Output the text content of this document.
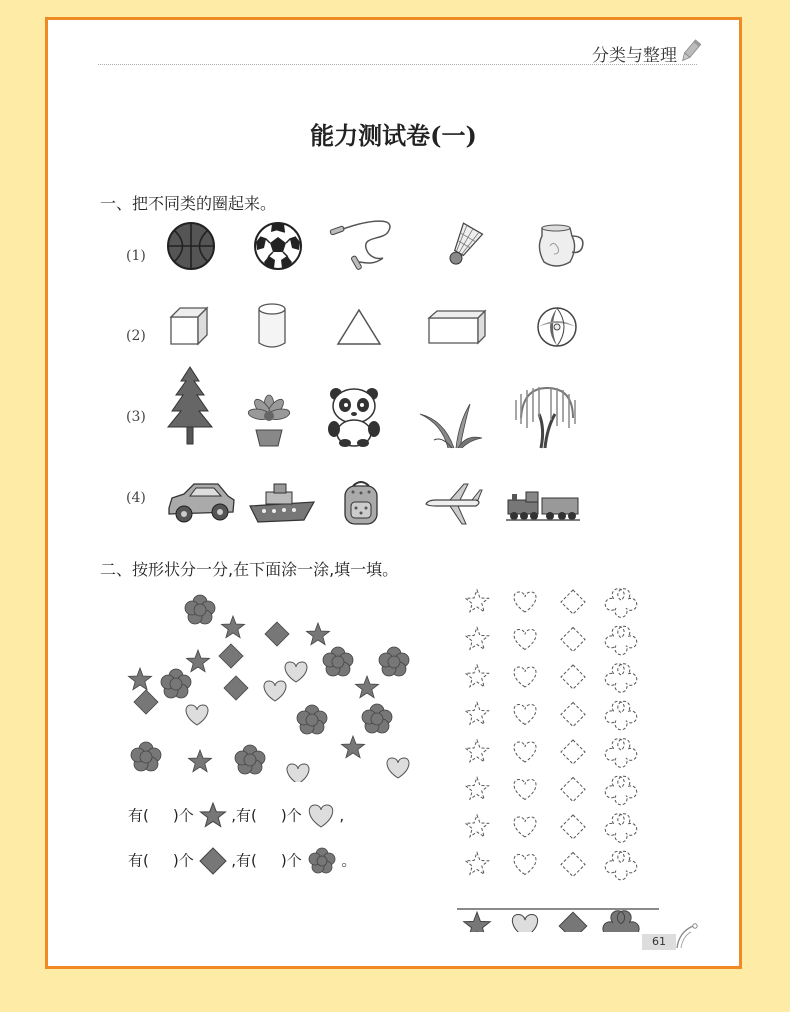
分类与整理
能力测试卷(一)
一、把不同类的圈起来。
(1)
(2)
(3)
(4)
二、按形状分一分,在下面涂一涂,填一填。
有( )个	,有( )个	,
有( )个	,有( )个	。
61
